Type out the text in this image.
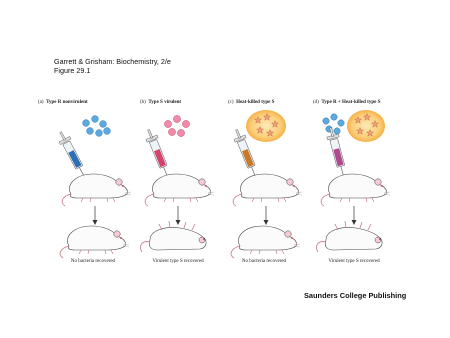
Garrett & Grisham: Biochemistry, 2/e
Figure 29.1
(a) Type R nonvirulent	(b) Type S virulent	(c) Heat-killed type S	(d) Type R + Heat-killed type S
No bacteria recovered	Virulent type S recovered	No bacteria recovered	Virulent type S recovered
Saunders College Publishing
